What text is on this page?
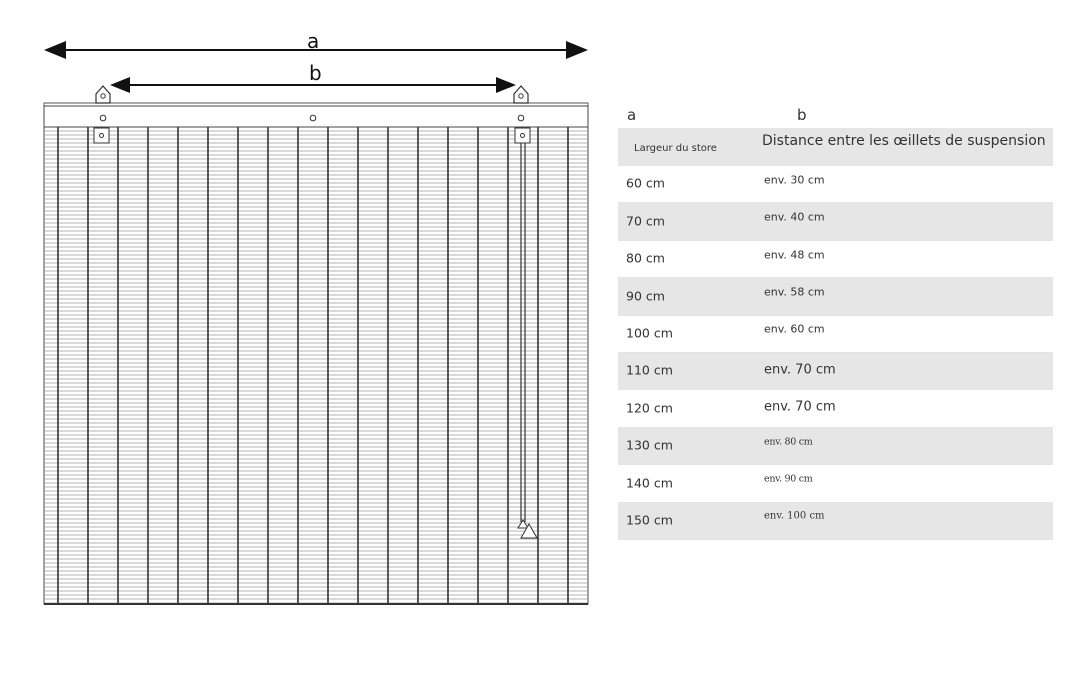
a
b
a	b
Largeur du store	Distance entre les œillets de suspension
60 cm	env. 30 cm
70 cm	env. 40 cm
80 cm	env. 48 cm
90 cm	env. 58 cm
100 cm	env. 60 cm
110 cm	env. 70 cm
120 cm	env. 70 cm
130 cm	env. 80 cm
140 cm	env. 90 cm
150 cm	env. 100 cm
